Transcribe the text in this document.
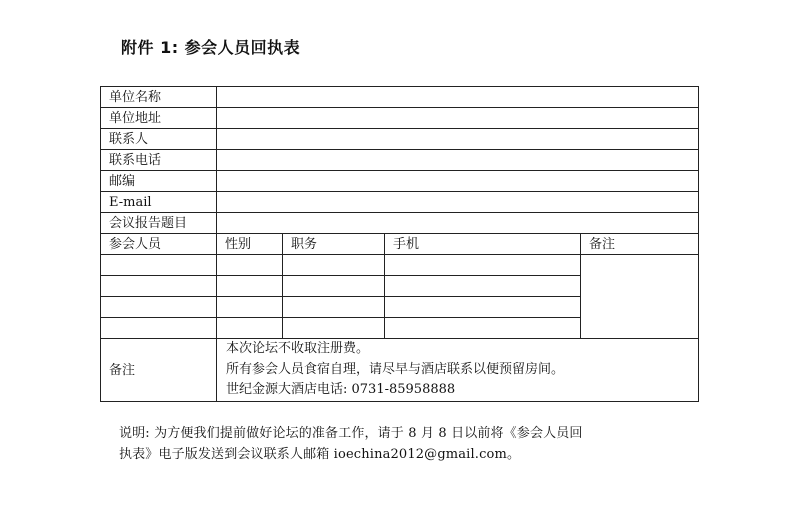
附件 1: 参会人员回执表
单位名称				
单位地址				
联系人				
联系电话				
邮编				
E-mail				
会议报告题目				
参会人员	性别	职务	手机	备注

备注	本次论坛不收取注册费。
所有参会人员食宿自理，请尽早与酒店联系以便预留房间。
世纪金源大酒店电话: 0731-85958888			
说明: 为方便我们提前做好论坛的准备工作，请于 8 月 8 日以前将《参会人员回
执表》电子版发送到会议联系人邮箱 ioechina2012@gmail.com。
